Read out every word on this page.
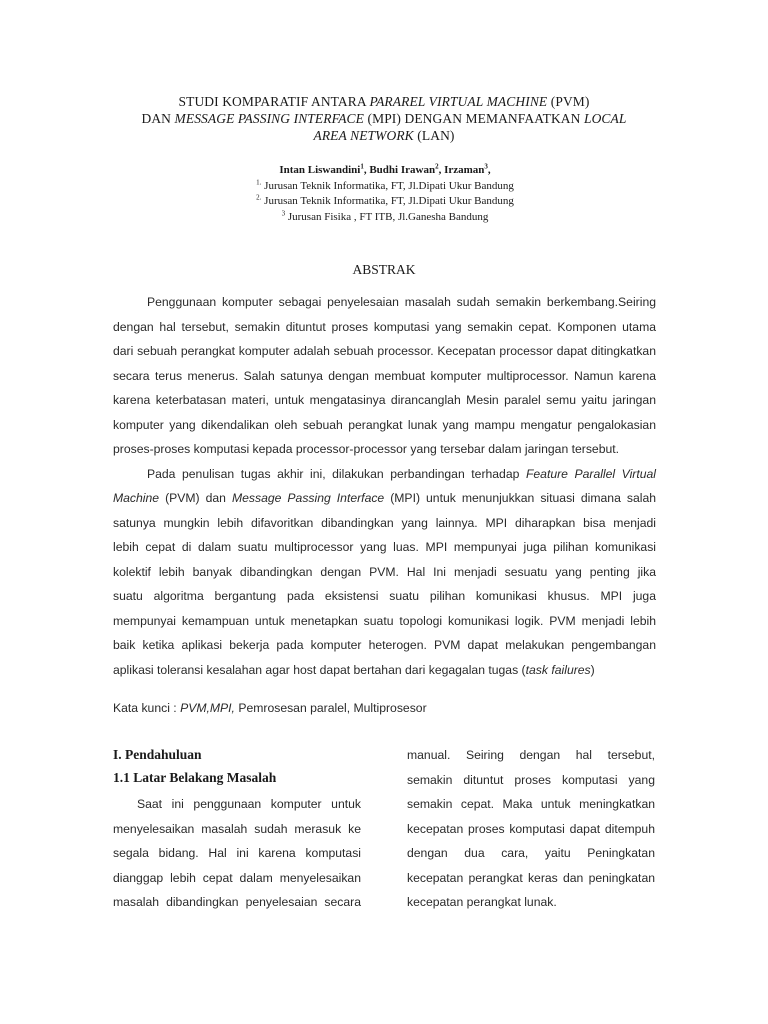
STUDI KOMPARATIF ANTARA PARAREL VIRTUAL MACHINE (PVM)
DAN MESSAGE PASSING INTERFACE (MPI) DENGAN MEMANFAATKAN LOCAL
AREA NETWORK (LAN)
Intan Liswandini$^1$, Budhi Irawan$^2$, Irzaman$^3$,
$^{1.}$ Jurusan Teknik Informatika, FT, Jl.Dipati Ukur Bandung
$^{2.}$ Jurusan Teknik Informatika, FT, Jl.Dipati Ukur Bandung
$^3$ Jurusan Fisika , FT ITB, Jl.Ganesha Bandung
ABSTRAK
Penggunaan komputer sebagai penyelesaian masalah sudah semakin berkembang.Seiring
dengan hal tersebut, semakin dituntut proses komputasi yang semakin cepat. Komponen utama
dari sebuah perangkat komputer adalah sebuah processor. Kecepatan processor dapat ditingkatkan
secara terus menerus. Salah satunya dengan membuat komputer multiprocessor. Namun karena
karena keterbatasan materi, untuk mengatasinya dirancanglah Mesin paralel semu yaitu jaringan
komputer yang dikendalikan oleh sebuah perangkat lunak yang mampu mengatur pengalokasian
proses-proses komputasi kepada processor-processor yang tersebar dalam jaringan tersebut.
Pada penulisan tugas akhir ini, dilakukan perbandingan terhadap Feature Parallel Virtual
Machine (PVM) dan Message Passing Interface (MPI) untuk menunjukkan situasi dimana salah
satunya mungkin lebih difavoritkan dibandingkan yang lainnya. MPI diharapkan bisa menjadi
lebih cepat di dalam suatu multiprocessor yang luas. MPI mempunyai juga pilihan komunikasi
kolektif lebih banyak dibandingkan dengan PVM. Hal Ini menjadi sesuatu yang penting jika
suatu algoritma bergantung pada eksistensi suatu pilihan komunikasi khusus. MPI juga
mempunyai kemampuan untuk menetapkan suatu topologi komunikasi logik. PVM menjadi lebih
baik ketika aplikasi bekerja pada komputer heterogen. PVM dapat melakukan pengembangan
aplikasi toleransi kesalahan agar host dapat bertahan dari kegagalan tugas (task failures)
Kata kunci : PVM,MPI, Pemrosesan paralel, Multiprosesor
I. Pendahuluan
1.1 Latar Belakang Masalah
Saat ini penggunaan komputer untuk
menyelesaikan masalah sudah merasuk ke
segala bidang. Hal ini karena komputasi
dianggap lebih cepat dalam menyelesaikan
masalah dibandingkan penyelesaian secara
manual. Seiring dengan hal tersebut,
semakin dituntut proses komputasi yang
semakin cepat. Maka untuk meningkatkan
kecepatan proses komputasi dapat ditempuh
dengan dua cara, yaitu Peningkatan
kecepatan perangkat keras dan peningkatan
kecepatan perangkat lunak.
